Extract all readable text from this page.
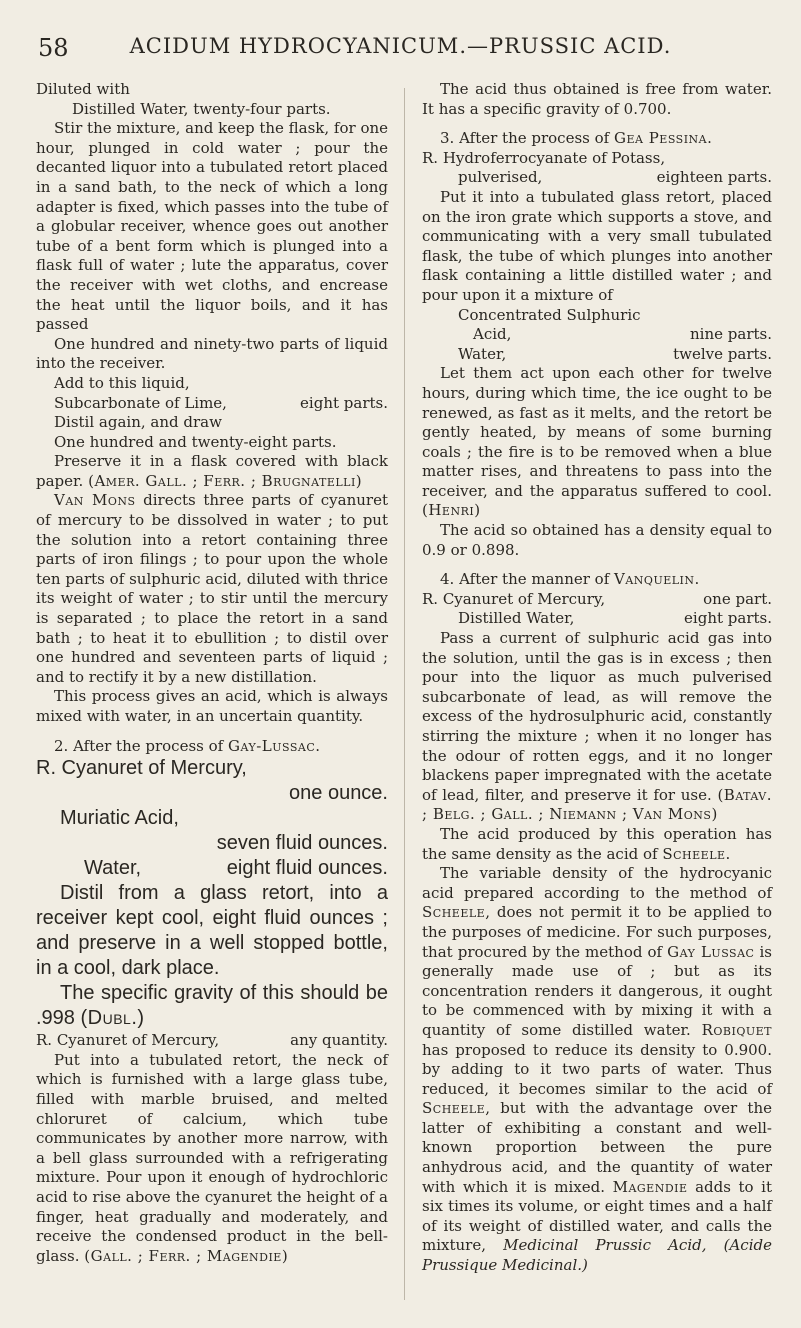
58	ACIDUM HYDROCYANICUM.—PRUSSIC ACID.

Diluted with

Distilled Water, twenty-four parts.

Stir the mixture, and keep the flask, for one hour, plunged in cold water ; pour the decanted liquor into a tubulated retort placed in a sand bath, to the neck of which a long adapter is fixed, which passes into the tube of a globular receiver, whence goes out another tube of a bent form which is plunged into a flask full of water ; lute the apparatus, cover the receiver with wet cloths, and encrease the heat until the liquor boils, and it has passed

One hundred and ninety-two parts of liquid into the receiver.

Add to this liquid,

Subcarbonate of Lime,	eight parts.

Distil again, and draw

One hundred and twenty-eight parts.

Preserve it in a flask covered with black paper. (Amer. Gall. ; Ferr. ; Brugnatelli)

Van Mons directs three parts of cyanuret of mercury to be dissolved in water ; to put the solution into a retort containing three parts of iron filings ; to pour upon the whole ten parts of sulphuric acid, diluted with thrice its weight of water ; to stir until the mercury is separated ; to place the retort in a sand bath ; to heat it to ebullition ; to distil over one hundred and seventeen parts of liquid ; and to rectify it by a new distillation.

This process gives an acid, which is always mixed with water, in an uncertain quantity.

2. After the process of Gay-Lussac.

R. Cyanuret of Mercury,

one ounce.

Muriatic Acid,

seven fluid ounces.

Water,	eight fluid ounces.

Distil from a glass retort, into a receiver kept cool, eight fluid ounces ; and preserve in a well stopped bottle, in a cool, dark place.

The specific gravity of this should be .998 (Dubl.)

R. Cyanuret of Mercury,	any quantity.

Put into a tubulated retort, the neck of which is furnished with a large glass tube, filled with marble bruised, and melted chloruret of calcium, which tube communicates by another more narrow, with a bell glass surrounded with a refrigerating mixture. Pour upon it enough of hydrochloric acid to rise above the cyanuret the height of a finger, heat gradually and moderately, and receive the condensed product in the bell-glass. (Gall. ; Ferr. ; Magendie)

The acid thus obtained is free from water. It has a specific gravity of 0.700.

3. After the process of Gea Pessina.

R. Hydroferrocyanate of Potass,

pulverised,	eighteen parts.

Put it into a tubulated glass retort, placed on the iron grate which supports a stove, and communicating with a very small tubulated flask, the tube of which plunges into another flask containing a little distilled water ; and pour upon it a mixture of

Concentrated Sulphuric

Acid,	nine parts.
Water,	twelve parts.

Let them act upon each other for twelve hours, during which time, the ice ought to be renewed, as fast as it melts, and the retort be gently heated, by means of some burning coals ; the fire is to be removed when a blue matter rises, and threatens to pass into the receiver, and the apparatus suffered to cool. (Henri)

The acid so obtained has a density equal to 0.9 or 0.898.

4. After the manner of Vanquelin.

R. Cyanuret of Mercury,	one part.
Distilled Water,	eight parts.

Pass a current of sulphuric acid gas into the solution, until the gas is in excess ; then pour into the liquor as much pulverised subcarbonate of lead, as will remove the excess of the hydrosulphuric acid, constantly stirring the mixture ; when it no longer has the odour of rotten eggs, and it no longer blackens paper impregnated with the acetate of lead, filter, and preserve it for use. (Batav. ; Belg. ; Gall. ; Niemann ; Van Mons)

The acid produced by this operation has the same density as the acid of Scheele.

The variable density of the hydrocyanic acid prepared according to the method of Scheele, does not permit it to be applied to the purposes of medicine. For such purposes, that procured by the method of Gay Lussac is generally made use of ; but as its concentration renders it dangerous, it ought to be commenced with by mixing it with a quantity of some distilled water. Robiquet has proposed to reduce its density to 0.900. by adding to it two parts of water. Thus reduced, it becomes similar to the acid of Scheele, but with the advantage over the latter of exhibiting a constant and well-known proportion between the pure anhydrous acid, and the quantity of water with which it is mixed. Magendie adds to it six times its volume, or eight times and a half of its weight of distilled water, and calls the mixture, Medicinal Prussic Acid, (Acide Prussique Medicinal.)
